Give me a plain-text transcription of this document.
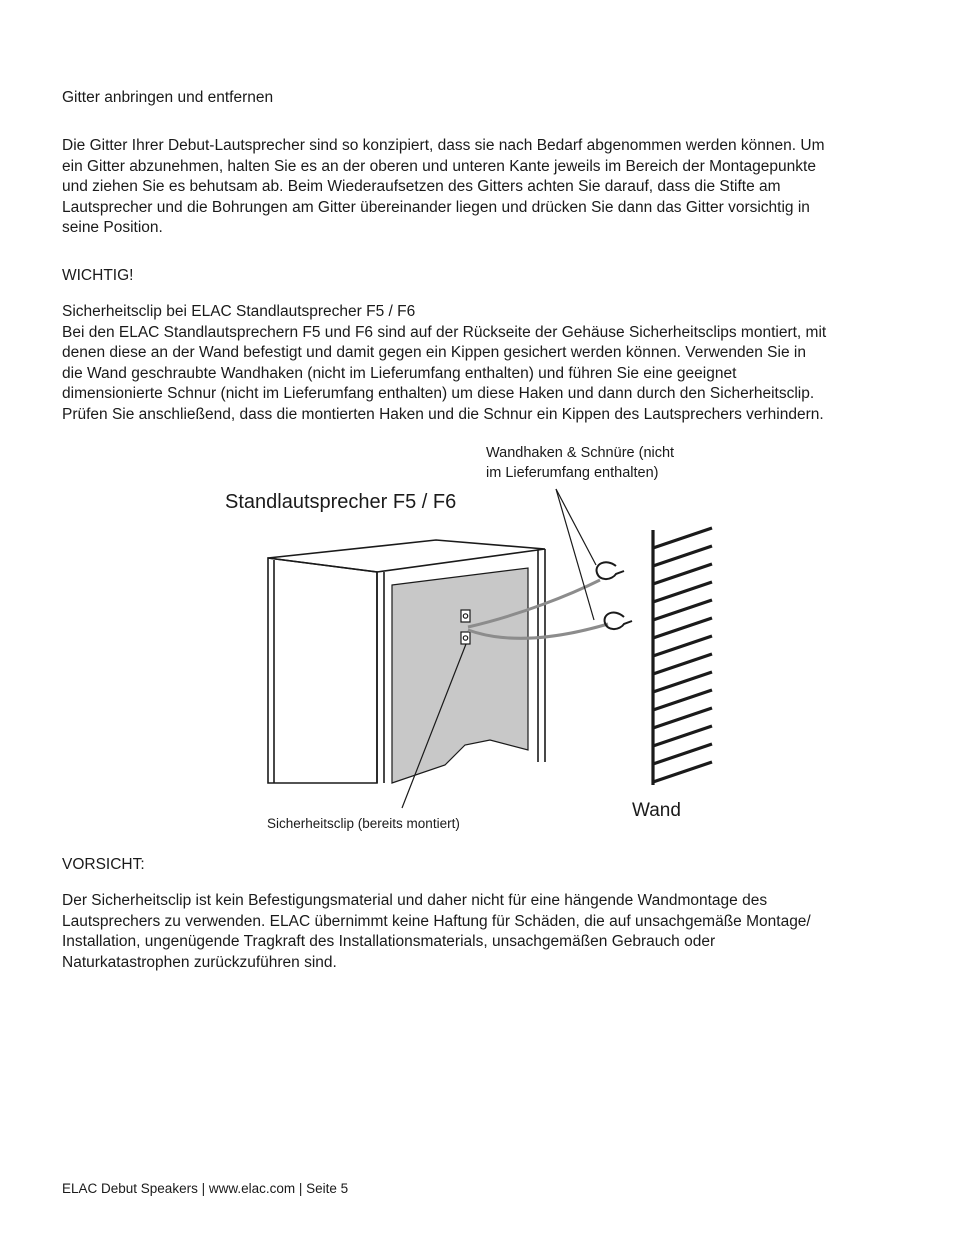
Gitter anbringen und entfernen
Die Gitter Ihrer Debut-Lautsprecher sind so konzipiert, dass sie nach Bedarf abgenommen werden können. Um
ein Gitter abzunehmen, halten Sie es an der oberen und unteren Kante jeweils im Bereich der Montagepunkte
und ziehen Sie es behutsam ab. Beim Wiederaufsetzen des Gitters achten Sie darauf, dass die Stifte am
Lautsprecher und die Bohrungen am Gitter übereinander liegen und drücken Sie dann das Gitter vorsichtig in
seine Position.
WICHTIG!
Sicherheitsclip bei ELAC Standlautsprecher F5 / F6
Bei den ELAC Standlautsprechern F5 und F6 sind auf der Rückseite der Gehäuse Sicherheitsclips montiert, mit
denen diese an der Wand befestigt und damit gegen ein Kippen gesichert werden können. Verwenden Sie in
die Wand geschraubte Wandhaken (nicht im Lieferumfang enthalten) und führen Sie eine geeignet
dimensionierte Schnur (nicht im Lieferumfang enthalten) um diese Haken und dann durch den Sicherheitsclip.
Prüfen Sie anschließend, dass die montierten Haken und die Schnur ein Kippen des Lautsprechers verhindern.
Standlautsprecher F5 / F6
Wandhaken & Schnüre (nicht
im Lieferumfang enthalten)
Sicherheitsclip (bereits montiert)
Wand
VORSICHT:
Der Sicherheitsclip ist kein Befestigungsmaterial und daher nicht für eine hängende Wandmontage des
Lautsprechers zu verwenden. ELAC übernimmt keine Haftung für Schäden, die auf unsachgemäße Montage/
Installation, ungenügende Tragkraft des Installationsmaterials, unsachgemäßen Gebrauch oder
Naturkatastrophen zurückzuführen sind.
ELAC Debut Speakers | www.elac.com | Seite 5
